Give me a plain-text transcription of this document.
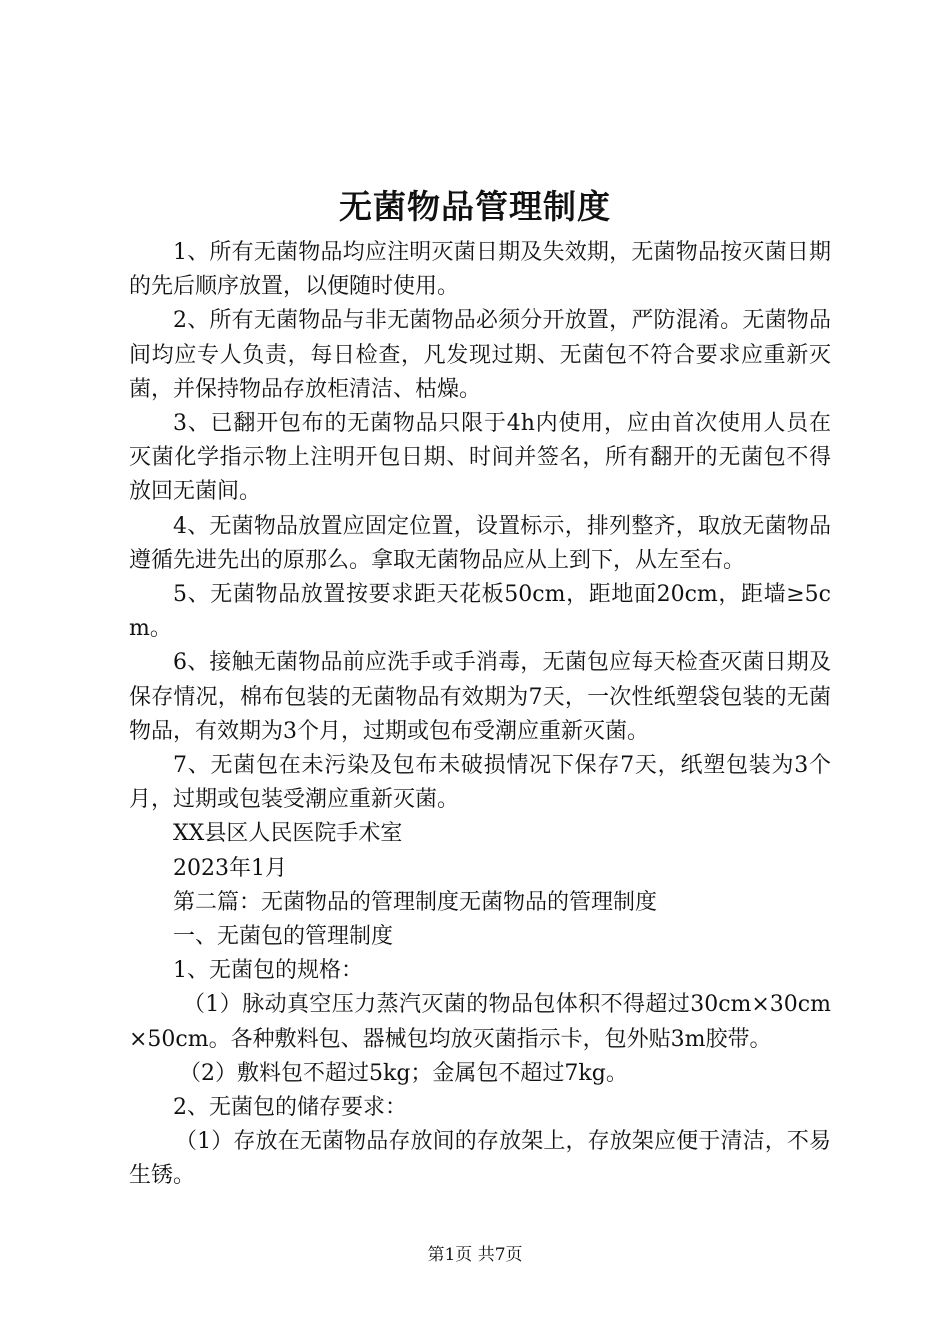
无菌物品管理制度

1、所有无菌物品均应注明灭菌日期及失效期，无菌物品按灭菌日期的先后顺序放置，以便随时使用。

2、所有无菌物品与非无菌物品必须分开放置，严防混淆。无菌物品间均应专人负责，每日检查，凡发现过期、无菌包不符合要求应重新灭菌，并保持物品存放柜清洁、枯燥。

3、已翻开包布的无菌物品只限于4h内使用，应由首次使用人员在灭菌化学指示物上注明开包日期、时间并签名，所有翻开的无菌包不得放回无菌间。

4、无菌物品放置应固定位置，设置标示，排列整齐，取放无菌物品遵循先进先出的原那么。拿取无菌物品应从上到下，从左至右。

5、无菌物品放置按要求距天花板50cm，距地面20cm，距墙≥5cm。

6、接触无菌物品前应洗手或手消毒，无菌包应每天检查灭菌日期及保存情况，棉布包装的无菌物品有效期为7天，一次性纸塑袋包装的无菌物品，有效期为3个月，过期或包布受潮应重新灭菌。

7、无菌包在未污染及包布未破损情况下保存7天，纸塑包装为3个月，过期或包装受潮应重新灭菌。

XX县区人民医院手术室

2023年1月

第二篇：无菌物品的管理制度无菌物品的管理制度

一、无菌包的管理制度

1、无菌包的规格：

（1）脉动真空压力蒸汽灭菌的物品包体积不得超过30cm×30cm×50cm。各种敷料包、器械包均放灭菌指示卡，包外贴3m胶带。

（2）敷料包不超过5kg；金属包不超过7kg。

2、无菌包的储存要求：

（1）存放在无菌物品存放间的存放架上，存放架应便于清洁，不易生锈。

第1页 共7页
